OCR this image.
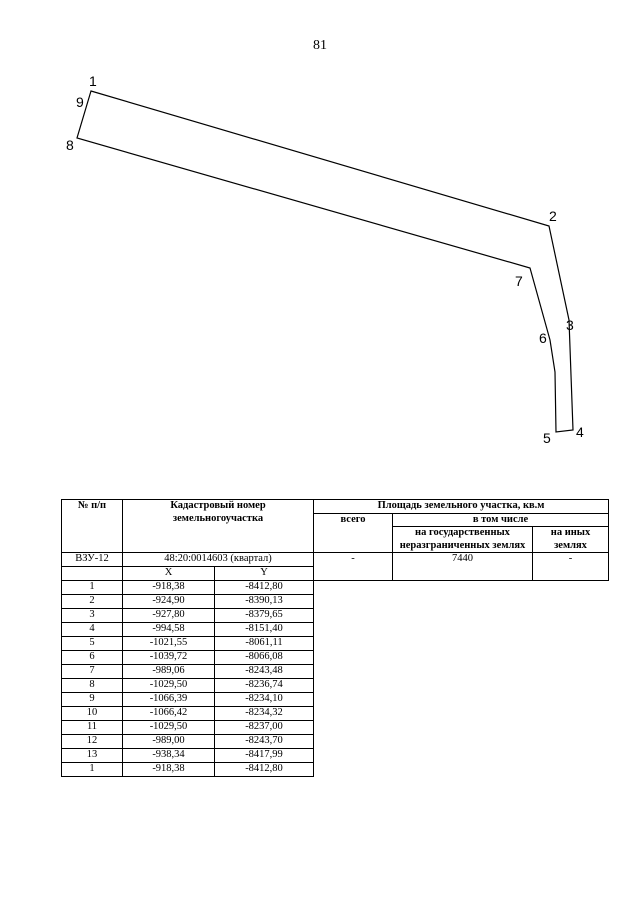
81
1
2
3
4
5
6
7
8
9
№ п/п	Кадастровый номер земельногоучастка		Площадь земельного участка, кв.м		
			всего	в том числе	
				на государственных неразграниченных землях	на иных землях
ВЗУ-12	48:20:0014603 (квартал)		-	7440	-
	X	Y			
1	-918,38	-8412,80			
2	-924,90	-8390,13			
3	-927,80	-8379,65			
4	-994,58	-8151,40			
5	-1021,55	-8061,11			
6	-1039,72	-8066,08			
7	-989,06	-8243,48			
8	-1029,50	-8236,74			
9	-1066,39	-8234,10			
10	-1066,42	-8234,32			
11	-1029,50	-8237,00			
12	-989,00	-8243,70			
13	-938,34	-8417,99			
1	-918,38	-8412,80			
